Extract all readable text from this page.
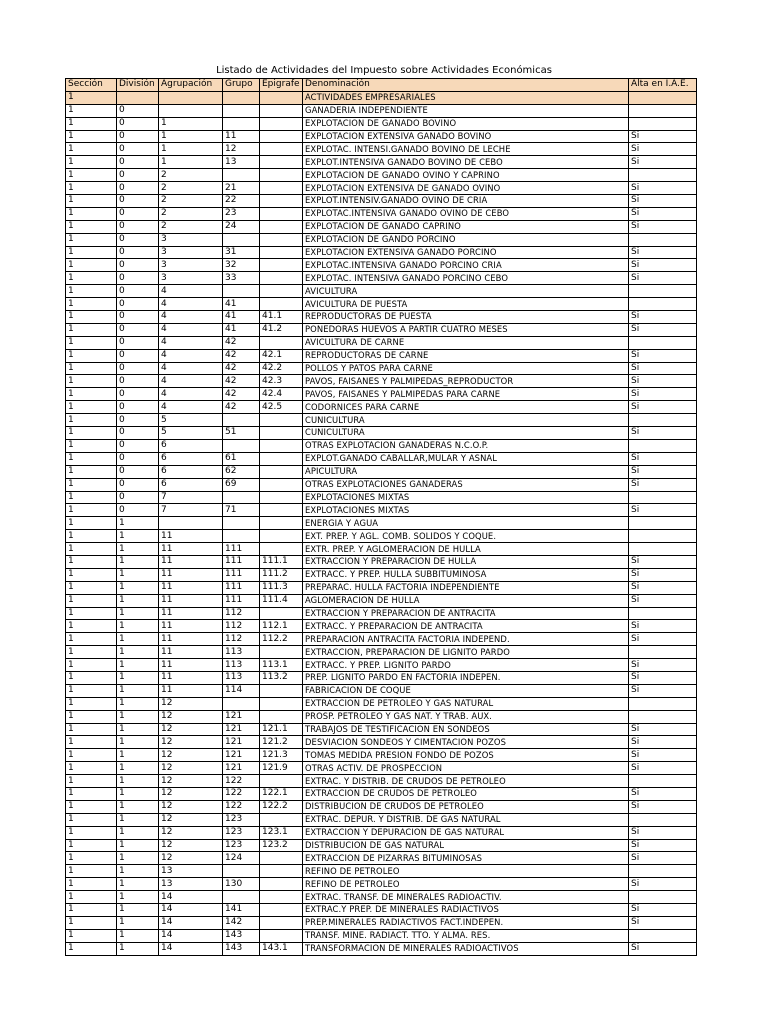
Listado de Actividades del Impuesto sobre Actividades Económicas
Sección	División	Agrupación	Grupo	Epigrafe	Denominación	Alta en I.A.E.
1					ACTIVIDADES EMPRESARIALES	
1	0				GANADERIA INDEPENDIENTE	
1	0	1			EXPLOTACION DE GANADO BOVINO	
1	0	1	11		EXPLOTACION EXTENSIVA GANADO BOVINO	Si
1	0	1	12		EXPLOTAC. INTENSI.GANADO BOVINO DE LECHE	Si
1	0	1	13		EXPLOT.INTENSIVA GANADO BOVINO DE CEBO	Si
1	0	2			EXPLOTACION DE GANADO OVINO Y CAPRINO	
1	0	2	21		EXPLOTACION EXTENSIVA DE GANADO OVINO	Si
1	0	2	22		EXPLOT.INTENSIV.GANADO OVINO DE CRIA	Si
1	0	2	23		EXPLOTAC.INTENSIVA GANADO OVINO DE CEBO	Si
1	0	2	24		EXPLOTACION DE GANADO CAPRINO	Si
1	0	3			EXPLOTACION DE GANDO PORCINO	
1	0	3	31		EXPLOTACION EXTENSIVA GANADO PORCINO	Si
1	0	3	32		EXPLOTAC.INTENSIVA GANADO PORCINO CRIA	Si
1	0	3	33		EXPLOTAC. INTENSIVA GANADO PORCINO CEBO	Si
1	0	4			AVICULTURA	
1	0	4	41		AVICULTURA DE PUESTA	
1	0	4	41	41.1	REPRODUCTORAS DE PUESTA	Si
1	0	4	41	41.2	PONEDORAS HUEVOS A PARTIR CUATRO MESES	Si
1	0	4	42		AVICULTURA DE CARNE	
1	0	4	42	42.1	REPRODUCTORAS DE CARNE	Si
1	0	4	42	42.2	POLLOS Y PATOS PARA CARNE	Si
1	0	4	42	42.3	PAVOS, FAISANES Y PALMIPEDAS_REPRODUCTOR	Si
1	0	4	42	42.4	PAVOS, FAISANES Y PALMIPEDAS PARA CARNE	Si
1	0	4	42	42.5	CODORNICES PARA CARNE	Si
1	0	5			CUNICULTURA	
1	0	5	51		CUNICULTURA	Si
1	0	6			OTRAS EXPLOTACION GANADERAS N.C.O.P.	
1	0	6	61		EXPLOT.GANADO CABALLAR,MULAR Y ASNAL	Si
1	0	6	62		APICULTURA	Si
1	0	6	69		OTRAS EXPLOTACIONES GANADERAS	Si
1	0	7			EXPLOTACIONES MIXTAS	
1	0	7	71		EXPLOTACIONES MIXTAS	Si
1	1				ENERGIA Y AGUA	
1	1	11			EXT. PREP. Y AGL. COMB. SOLIDOS Y COQUE.	
1	1	11	111		EXTR. PREP. Y AGLOMERACION DE HULLA	
1	1	11	111	111.1	EXTRACCION Y PREPARACION DE HULLA	Si
1	1	11	111	111.2	EXTRACC. Y PREP. HULLA SUBBITUMINOSA	Si
1	1	11	111	111.3	PREPARAC. HULLA FACTORIA INDEPENDIENTE	Si
1	1	11	111	111.4	AGLOMERACION DE HULLA	Si
1	1	11	112		EXTRACCION Y PREPARACION DE ANTRACITA	
1	1	11	112	112.1	EXTRACC. Y PREPARACION DE ANTRACITA	Si
1	1	11	112	112.2	PREPARACION ANTRACITA FACTORIA INDEPEND.	Si
1	1	11	113		EXTRACCION, PREPARACION DE LIGNITO PARDO	
1	1	11	113	113.1	EXTRACC. Y PREP. LIGNITO PARDO	Si
1	1	11	113	113.2	PREP. LIGNITO PARDO EN FACTORIA INDEPEN.	Si
1	1	11	114		FABRICACION DE COQUE	Si
1	1	12			EXTRACCION DE PETROLEO Y GAS NATURAL	
1	1	12	121		PROSP. PETROLEO Y GAS NAT. Y TRAB. AUX.	
1	1	12	121	121.1	TRABAJOS DE TESTIFICACION EN SONDEOS	Si
1	1	12	121	121.2	DESVIACION SONDEOS Y CIMENTACION POZOS	Si
1	1	12	121	121.3	TOMAS MEDIDA PRESION FONDO DE POZOS	Si
1	1	12	121	121.9	OTRAS ACTIV. DE PROSPECCION	Si
1	1	12	122		EXTRAC. Y DISTRIB. DE CRUDOS DE PETROLEO	
1	1	12	122	122.1	EXTRACCION DE CRUDOS DE PETROLEO	Si
1	1	12	122	122.2	DISTRIBUCION DE CRUDOS DE PETROLEO	Si
1	1	12	123		EXTRAC. DEPUR. Y DISTRIB. DE GAS NATURAL	
1	1	12	123	123.1	EXTRACCION Y DEPURACION DE GAS NATURAL	Si
1	1	12	123	123.2	DISTRIBUCION DE GAS NATURAL	Si
1	1	12	124		EXTRACCION DE PIZARRAS BITUMINOSAS	Si
1	1	13			REFINO DE PETROLEO	
1	1	13	130		REFINO DE PETROLEO	Si
1	1	14			EXTRAC. TRANSF. DE MINERALES RADIOACTIV.	
1	1	14	141		EXTRAC.Y PREP. DE MINERALES RADIACTIVOS	Si
1	1	14	142		PREP.MINERALES RADIACTIVOS FACT.INDEPEN.	Si
1	1	14	143		TRANSF. MINE. RADIACT. TTO. Y ALMA. RES.	
1	1	14	143	143.1	TRANSFORMACION DE MINERALES RADIOACTIVOS	Si
